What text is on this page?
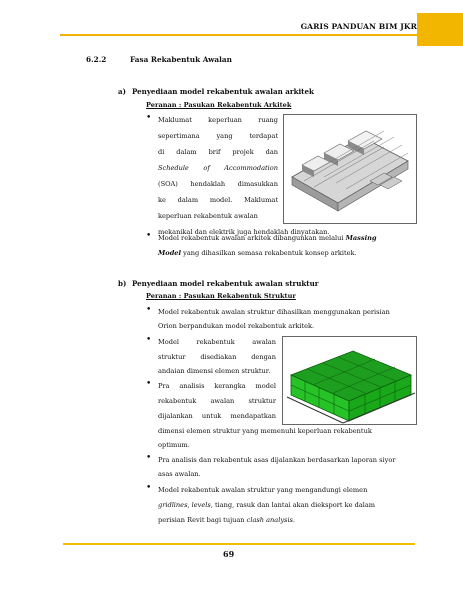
GARIS PANDUAN BIM JKR
6.2.2	Fasa Rekabentuk Awalan
a) Penyediaan model rekabentuk awalan arkitek
Peranan : Pasukan Rekabentuk Arkitek
• Maklumat keperluan ruang
sepertimana	yang	terdapat
di dalam brif projek dan
Schedule of Accommodation
(SOA) hendaklah dimasukkan
ke dalam model. Maklumat
keperluan rekabentuk awalan
mekanikal dan elektrik juga hendaklah dinyatakan.
• Model rekabentuk awalan arkitek dibangunkan melalui Massing
Model yang dihasilkan semasa rekabentuk konsep arkitek.
b) Penyediaan model rekabentuk awalan struktur
Peranan : Pasukan Rekabentuk Struktur
• Model rekabentuk awalan struktur dihasilkan menggunakan perisian
Orion berpandukan model rekabentuk arkitek.
• Model	rekabentuk	awalan
struktur disediakan dengan
andaian dimensi elemen struktur.
• Pra analisis kerangka model
rekabentuk awalan struktur
dijalankan untuk mendapatkan
dimensi elemen struktur yang memenuhi keperluan rekabentuk
optimum.
• Pra analisis dan rekabentuk asas dijalankan berdasarkan laporan siyor
asas awalan.
• Model rekabentuk awalan struktur yang mengandungi elemen
gridlines, levels, tiang, rasuk dan lantai akan dieksport ke dalam
perisian Revit bagi tujuan clash analysis.
69
